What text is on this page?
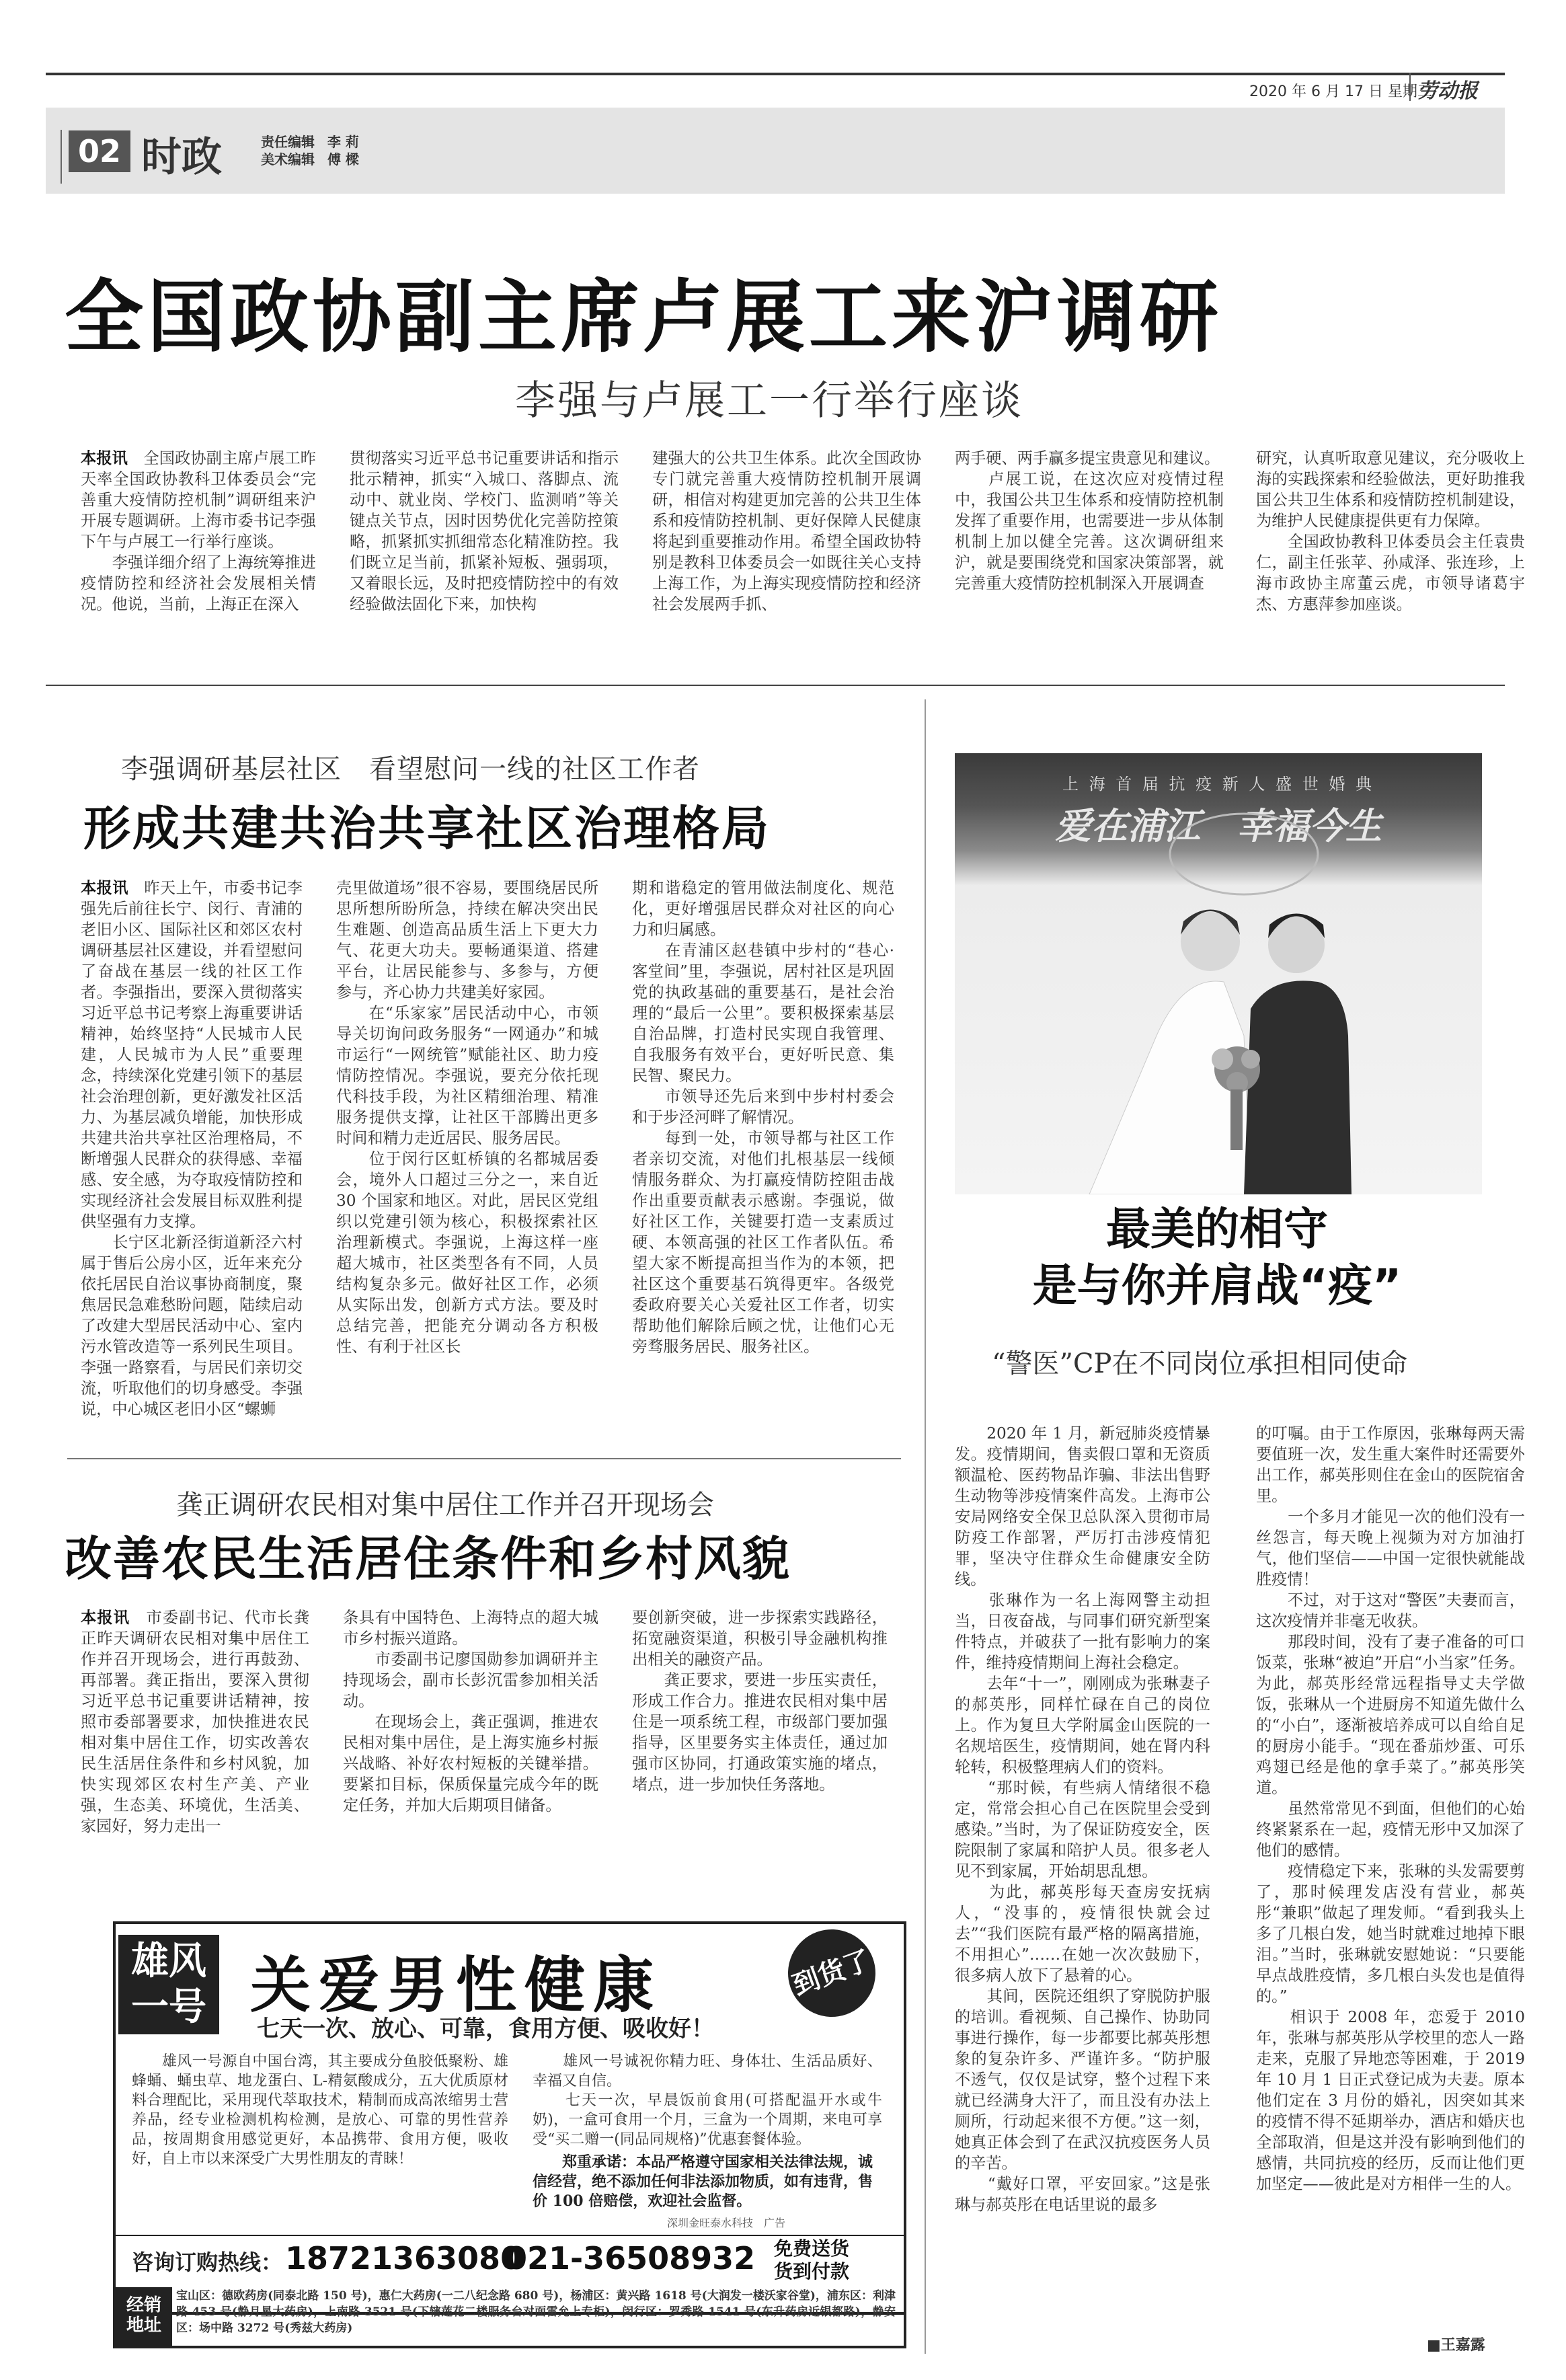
2020 年 6 月 17 日 星期三
劳动报
02 时政	责任编辑 李 莉
美术编辑 傅 樑
全国政协副主席卢展工来沪调研
李强与卢展工一行举行座谈
本报讯　 全国政协副主席卢展工昨天率全国政协教科卫体委员会“完善重大疫情防控机制”调研组来沪开展专题调研。上海市委书记李强下午与卢展工一行举行座谈。
　　李强详细介绍了上海统筹推进疫情防控和经济社会发展相关情况。他说，当前，上海正在深入
贯彻落实习近平总书记重要讲话和指示批示精神，抓实“入城口、落脚点、流动中、就业岗、学校门、监测哨”等关键点关节点，因时因势优化完善防控策略，抓紧抓实抓细常态化精准防控。我们既立足当前，抓紧补短板、强弱项，又着眼长远，及时把疫情防控中的有效经验做法固化下来，加快构
建强大的公共卫生体系。此次全国政协专门就完善重大疫情防控机制开展调研，相信对构建更加完善的公共卫生体系和疫情防控机制、更好保障人民健康将起到重要推动作用。希望全国政协特别是教科卫体委员会一如既往关心支持上海工作，为上海实现疫情防控和经济社会发展两手抓、
两手硬、两手赢多提宝贵意见和建议。
　　卢展工说，在这次应对疫情过程中，我国公共卫生体系和疫情防控机制发挥了重要作用，也需要进一步从体制机制上加以健全完善。这次调研组来沪，就是要围绕党和国家决策部署，就完善重大疫情防控机制深入开展调查
研究，认真听取意见建议，充分吸收上海的实践探索和经验做法，更好助推我国公共卫生体系和疫情防控机制建设，为维护人民健康提供更有力保障。
　　全国政协教科卫体委员会主任袁贵仁，副主任张苹、孙咸泽、张连珍，上海市政协主席董云虎，市领导诸葛宇杰、方惠萍参加座谈。
李强调研基层社区　看望慰问一线的社区工作者
形成共建共治共享社区治理格局
本报讯　 昨天上午，市委书记李强先后前往长宁、闵行、青浦的老旧小区、国际社区和郊区农村调研基层社区建设，并看望慰问了奋战在基层一线的社区工作者。李强指出，要深入贯彻落实习近平总书记考察上海重要讲话精神，始终坚持“人民城市人民建，人民城市为人民”重要理念，持续深化党建引领下的基层社会治理创新，更好激发社区活力、为基层减负增能，加快形成共建共治共享社区治理格局，不断增强人民群众的获得感、幸福感、安全感，为夺取疫情防控和实现经济社会发展目标双胜利提供坚强有力支撑。
　　长宁区北新泾街道新泾六村属于售后公房小区，近年来充分依托居民自治议事协商制度，聚焦居民急难愁盼问题，陆续启动了改建大型居民活动中心、室内污水管改造等一系列民生项目。李强一路察看，与居民们亲切交流，听取他们的切身感受。李强说，中心城区老旧小区“螺蛳
壳里做道场”很不容易，要围绕居民所思所想所盼所急，持续在解决突出民生难题、创造高品质生活上下更大力气、花更大功夫。要畅通渠道、搭建平台，让居民能参与、多参与，方便参与，齐心协力共建美好家园。
　　在“乐家家”居民活动中心，市领导关切询问政务服务“一网通办”和城市运行“一网统管”赋能社区、助力疫情防控情况。李强说，要充分依托现代科技手段，为社区精细治理、精准服务提供支撑，让社区干部腾出更多时间和精力走近居民、服务居民。
　　位于闵行区虹桥镇的名都城居委会，境外人口超过三分之一，来自近 30 个国家和地区。对此，居民区党组织以党建引领为核心，积极探索社区治理新模式。李强说，上海这样一座超大城市，社区类型各有不同，人员结构复杂多元。做好社区工作，必须从实际出发，创新方式方法。要及时总结完善，把能充分调动各方积极性、有利于社区长
期和谐稳定的管用做法制度化、规范化，更好增强居民群众对社区的向心力和归属感。
　　在青浦区赵巷镇中步村的“巷心·客堂间”里，李强说，居村社区是巩固党的执政基础的重要基石，是社会治理的“最后一公里”。要积极探索基层自治品牌，打造村民实现自我管理、自我服务有效平台，更好听民意、集民智、聚民力。
　　市领导还先后来到中步村村委会和于步泾河畔了解情况。
　　每到一处，市领导都与社区工作者亲切交流，对他们扎根基层一线倾情服务群众、为打赢疫情防控阻击战作出重要贡献表示感谢。李强说，做好社区工作，关键要打造一支素质过硬、本领高强的社区工作者队伍。希望大家不断提高担当作为的本领，把社区这个重要基石筑得更牢。各级党委政府要关心关爱社区工作者，切实帮助他们解除后顾之忧，让他们心无旁骛服务居民、服务社区。
龚正调研农民相对集中居住工作并召开现场会
改善农民生活居住条件和乡村风貌
本报讯　 市委副书记、代市长龚正昨天调研农民相对集中居住工作并召开现场会，进行再鼓劲、再部署。龚正指出，要深入贯彻习近平总书记重要讲话精神，按照市委部署要求，加快推进农民相对集中居住工作，切实改善农民生活居住条件和乡村风貌，加快实现郊区农村生产美、产业强，生态美、环境优，生活美、家园好，努力走出一
条具有中国特色、上海特点的超大城市乡村振兴道路。
　　市委副书记廖国勋参加调研并主持现场会，副市长彭沉雷参加相关活动。
　　在现场会上，龚正强调，推进农民相对集中居住，是上海实施乡村振兴战略、补好农村短板的关键举措。要紧扣目标，保质保量完成今年的既定任务，并加大后期项目储备。
要创新突破，进一步探索实践路径，拓宽融资渠道，积极引导金融机构推出相关的融资产品。
　　龚正要求，要进一步压实责任，形成工作合力。推进农民相对集中居住是一项系统工程，市级部门要加强指导，区里要务实主体责任，通过加强市区协同，打通政策实施的堵点，堵点，进一步加快任务落地。
雄风
一号 关爱男性健康	到货了
七天一次、放心、可靠，食用方便、吸收好！
　　雄风一号源自中国台湾，其主要成分鱼胶低聚粉、雄蜂蛹、蛹虫草、地龙蛋白、L-精氨酸成分，五大优质原材料合理配比，采用现代萃取技术，精制而成高浓缩男士营养品，经专业检测机构检测，是放心、可靠的男性营养品，按周期食用感觉更好，本品携带、食用方便，吸收好，自上市以来深受广大男性朋友的青睐！
　　雄风一号诚祝你精力旺、身体壮、生活品质好、幸福又自信。
　　七天一次，早晨饭前食用(可搭配温开水或牛奶)，一盒可食用一个月，三盒为一个周期，来电可享受“买二赠一(同品同规格)”优惠套餐体验。
郑重承诺：本品严格遵守国家相关法律法规，诚信经营，绝不添加任何非法添加物质，如有违背，售价 100 倍赔偿，欢迎社会监督。
深圳金旺泰水科技　广告
咨询订购热线： 18721363080
021-36508932 免费送货
货到付款
经销
地址
宝山区：德欧药房(同泰北路 150 号)，惠仁大药房(一二八纪念路 680 号)，杨浦区：黄兴路 1618 号(大润发一楼沃家谷堂)，浦东区：利津路 453 号(静月星大药房)，上南路 3521 号(下辖莲花二楼服务台对面雷允上专柜)，闵行区：罗秀路 1541 号(东升药房近银都路)，静安区：场中路 3272 号(秀兹大药房)
上 海 首 届 抗 疫 新 人 盛 世 婚 典
爱在浦江　幸福今生
最美的相守
是与你并肩战“疫”
“警医”CP在不同岗位承担相同使命
　　2020 年 1 月，新冠肺炎疫情暴发。疫情期间，售卖假口罩和无资质额温枪、医药物品诈骗、非法出售野生动物等涉疫情案件高发。上海市公安局网络安全保卫总队深入贯彻市局防疫工作部署，严厉打击涉疫情犯罪，坚决守住群众生命健康安全防线。
　　张琳作为一名上海网警主动担当，日夜奋战，与同事们研究新型案件特点，并破获了一批有影响力的案件，维持疫情期间上海社会稳定。
　　去年“十一”，刚刚成为张琳妻子的郝英彤，同样忙碌在自己的岗位上。作为复旦大学附属金山医院的一名规培医生，疫情期间，她在肾内科轮转，积极整理病人们的资料。
　　“那时候，有些病人情绪很不稳定，常常会担心自己在医院里会受到感染。”当时，为了保证防疫安全，医院限制了家属和陪护人员。很多老人见不到家属，开始胡思乱想。
　　为此，郝英彤每天查房安抚病人，“没事的，疫情很快就会过去”“我们医院有最严格的隔离措施，不用担心”……在她一次次鼓励下，很多病人放下了悬着的心。
　　其间，医院还组织了穿脱防护服的培训。看视频、自己操作、协助同事进行操作，每一步都要比郝英彤想象的复杂许多、严谨许多。“防护服不透气，仅仅是试穿，整个过程下来就已经满身大汗了，而且没有办法上厕所，行动起来很不方便。”这一刻，她真正体会到了在武汉抗疫医务人员的辛苦。
　　“戴好口罩，平安回家。”这是张琳与郝英彤在电话里说的最多
的叮嘱。由于工作原因，张琳每两天需要值班一次，发生重大案件时还需要外出工作，郝英彤则住在金山的医院宿舍里。
　　一个多月才能见一次的他们没有一丝怨言，每天晚上视频为对方加油打气，他们坚信——中国一定很快就能战胜疫情！
　　不过，对于这对“警医”夫妻而言，这次疫情并非毫无收获。
　　那段时间，没有了妻子准备的可口饭菜，张琳“被迫”开启“小当家”任务。为此，郝英彤经常远程指导丈夫学做饭，张琳从一个进厨房不知道先做什么的“小白”，逐渐被培养成可以自给自足的厨房小能手。“现在番茄炒蛋、可乐鸡翅已经是他的拿手菜了。”郝英彤笑道。
　　虽然常常见不到面，但他们的心始终紧紧系在一起，疫情无形中又加深了他们的感情。
　　疫情稳定下来，张琳的头发需要剪了，那时候理发店没有营业，郝英彤“兼职”做起了理发师。“看到我头上多了几根白发，她当时就难过地掉下眼泪。”当时，张琳就安慰她说：“只要能早点战胜疫情，多几根白头发也是值得的。”
　　相识于 2008 年，恋爱于 2010 年，张琳与郝英彤从学校里的恋人一路走来，克服了异地恋等困难，于 2019 年 10 月 1 日正式登记成为夫妻。原本他们定在 3 月份的婚礼，因突如其来的疫情不得不延期举办，酒店和婚庆也全部取消，但是这并没有影响到他们的感情，共同抗疫的经历，反而让他们更加坚定——彼此是对方相伴一生的人。
■王嘉露
